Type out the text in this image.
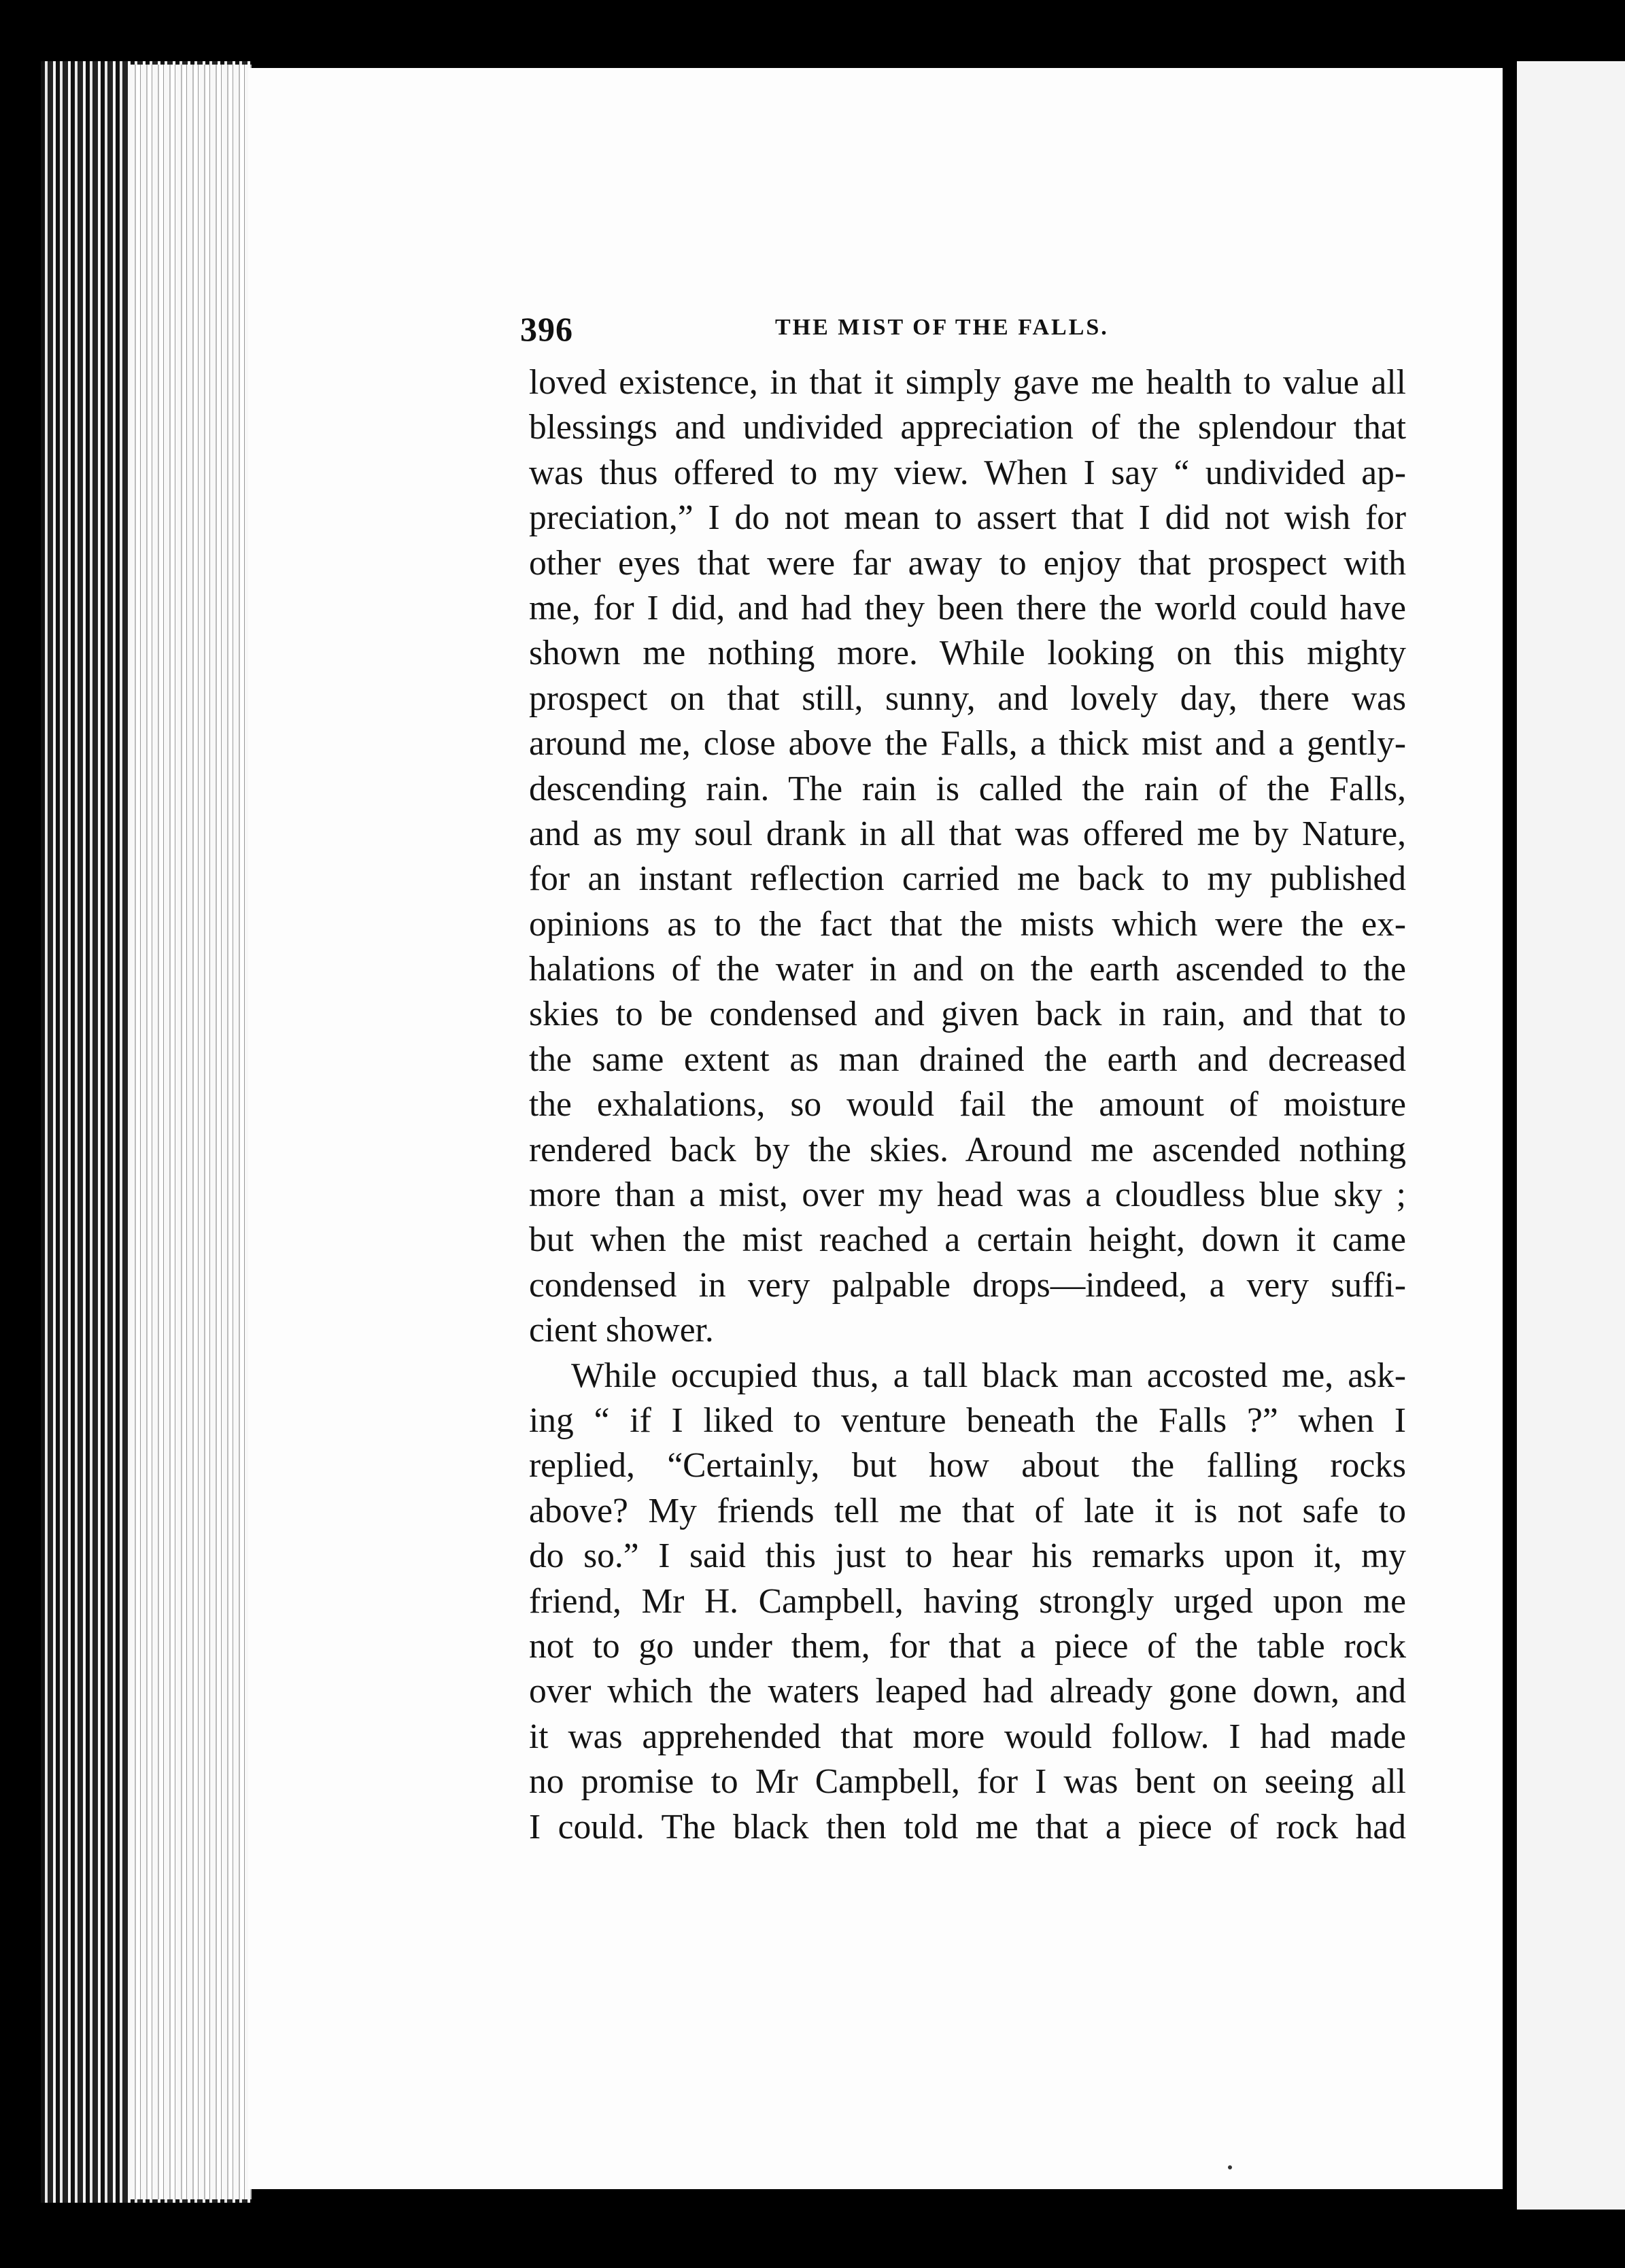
396	THE MIST OF THE FALLS.
loved existence, in that it simply gave me health to value all
blessings and undivided appreciation of the splendour that
was thus offered to my view. When I say “ undivided ap-
preciation,” I do not mean to assert that I did not wish for
other eyes that were far away to enjoy that prospect with
me, for I did, and had they been there the world could have
shown me nothing more. While looking on this mighty
prospect on that still, sunny, and lovely day, there was
around me, close above the Falls, a thick mist and a gently-
descending rain. The rain is called the rain of the Falls,
and as my soul drank in all that was offered me by Nature,
for an instant reflection carried me back to my published
opinions as to the fact that the mists which were the ex-
halations of the water in and on the earth ascended to the
skies to be condensed and given back in rain, and that to
the same extent as man drained the earth and decreased
the exhalations, so would fail the amount of moisture
rendered back by the skies. Around me ascended nothing
more than a mist, over my head was a cloudless blue sky ;
but when the mist reached a certain height, down it came
condensed in very palpable drops—indeed, a very suffi-
cient shower.
While occupied thus, a tall black man accosted me, ask-
ing “ if I liked to venture beneath the Falls ?” when I
replied, “Certainly, but how about the falling rocks
above? My friends tell me that of late it is not safe to
do so.” I said this just to hear his remarks upon it, my
friend, Mr H. Campbell, having strongly urged upon me
not to go under them, for that a piece of the table rock
over which the waters leaped had already gone down, and
it was apprehended that more would follow. I had made
no promise to Mr Campbell, for I was bent on seeing all
I could. The black then told me that a piece of rock had
